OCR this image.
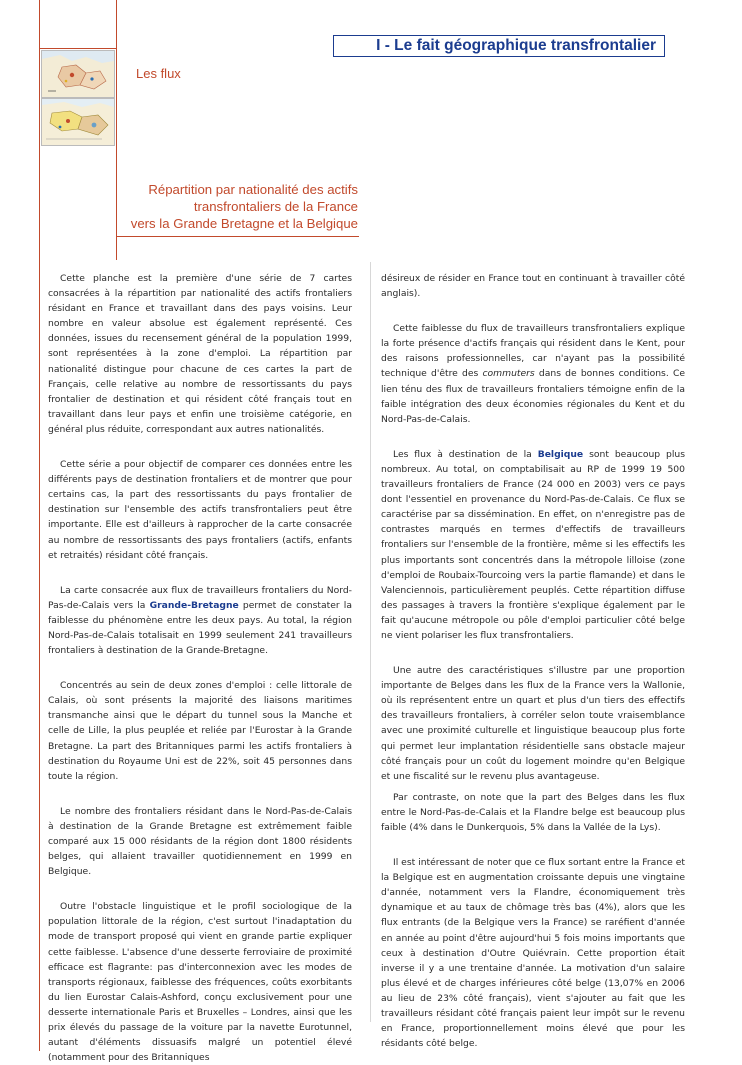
I - Le fait géographique transfrontalier
Les flux
Répartition par nationalité des actifs
transfrontaliers de la France
vers la Grande Bretagne et la Belgique

Cette planche est la première d'une série de 7 cartes consacrées à la répartition par nationalité des actifs frontaliers résidant en France et travaillant dans des pays voisins. Leur nombre en valeur absolue est également représenté. Ces données, issues du recensement général de la population 1999, sont représentées à la zone d'emploi. La répartition par nationalité distingue pour chacune de ces cartes la part de Français, celle relative au nombre de ressortissants du pays frontalier de destination et qui résident côté français tout en travaillant dans leur pays et enfin une troisième catégorie, en général plus réduite, correspondant aux autres nationalités.

Cette série a pour objectif de comparer ces données entre les différents pays de destination frontaliers et de montrer que pour certains cas, la part des ressortissants du pays frontalier de destination sur l'ensemble des actifs transfrontaliers peut être importante. Elle est d'ailleurs à rapprocher de la carte consacrée au nombre de ressortissants des pays frontaliers (actifs, enfants et retraités) résidant côté français.

La carte consacrée aux flux de travailleurs frontaliers du Nord-Pas-de-Calais vers la Grande-Bretagne permet de constater la faiblesse du phénomène entre les deux pays. Au total, la région Nord-Pas-de-Calais totalisait en 1999 seulement 241 travailleurs frontaliers à destination de la Grande-Bretagne.

Concentrés au sein de deux zones d'emploi : celle littorale de Calais, où sont présents la majorité des liaisons maritimes transmanche ainsi que le départ du tunnel sous la Manche et celle de Lille, la plus peuplée et reliée par l'Eurostar à la Grande Bretagne. La part des Britanniques parmi les actifs frontaliers à destination du Royaume Uni est de 22%, soit 45 personnes dans toute la région.

Le nombre des frontaliers résidant dans le Nord-Pas-de-Calais à destination de la Grande Bretagne est extrêmement faible comparé aux 15 000 résidants de la région dont 1800 résidents belges, qui allaient travailler quotidiennement en 1999 en Belgique.

Outre l'obstacle linguistique et le profil sociologique de la population littorale de la région, c'est surtout l'inadaptation du mode de transport proposé qui vient en grande partie expliquer cette faiblesse. L'absence d'une desserte ferroviaire de proximité efficace est flagrante: pas d'interconnexion avec les modes de transports régionaux, faiblesse des fréquences, coûts exorbitants du lien Eurostar Calais-Ashford, conçu exclusivement pour une desserte internationale Paris et Bruxelles – Londres, ainsi que les prix élevés du passage de la voiture par la navette Eurotunnel, autant d'éléments dissuasifs malgré un potentiel élevé (notamment pour des Britanniques

désireux de résider en France tout en continuant à travailler côté anglais).

Cette faiblesse du flux de travailleurs transfrontaliers explique la forte présence d'actifs français qui résident dans le Kent, pour des raisons professionnelles, car n'ayant pas la possibilité technique d'être des commuters dans de bonnes conditions. Ce lien ténu des flux de travailleurs frontaliers témoigne enfin de la faible intégration des deux économies régionales du Kent et du Nord-Pas-de-Calais.

Les flux à destination de la Belgique sont beaucoup plus nombreux. Au total, on comptabilisait au RP de 1999 19 500 travailleurs frontaliers de France (24 000 en 2003) vers ce pays dont l'essentiel en provenance du Nord-Pas-de-Calais. Ce flux se caractérise par sa dissémination. En effet, on n'enregistre pas de contrastes marqués en termes d'effectifs de travailleurs frontaliers sur l'ensemble de la frontière, même si les effectifs les plus importants sont concentrés dans la métropole lilloise (zone d'emploi de Roubaix-Tourcoing vers la partie flamande) et dans le Valenciennois, particulièrement peuplés. Cette répartition diffuse des passages à travers la frontière s'explique également par le fait qu'aucune métropole ou pôle d'emploi particulier côté belge ne vient polariser les flux transfrontaliers.

Une autre des caractéristiques s'illustre par une proportion importante de Belges dans les flux de la France vers la Wallonie, où ils représentent entre un quart et plus d'un tiers des effectifs des travailleurs frontaliers, à corréler selon toute vraisemblance avec une proximité culturelle et linguistique beaucoup plus forte qui permet leur implantation résidentielle sans obstacle majeur côté français pour un coût du logement moindre qu'en Belgique et une fiscalité sur le revenu plus avantageuse.

Par contraste, on note que la part des Belges dans les flux entre le Nord-Pas-de-Calais et la Flandre belge est beaucoup plus faible (4% dans le Dunkerquois, 5% dans la Vallée de la Lys).

Il est intéressant de noter que ce flux sortant entre la France et la Belgique est en augmentation croissante depuis une vingtaine d'année, notamment vers la Flandre, économiquement très dynamique et au taux de chômage très bas (4%), alors que les flux entrants (de la Belgique vers la France) se raréfient d'année en année au point d'être aujourd'hui 5 fois moins importants que ceux à destination d'Outre Quiévrain. Cette proportion était inverse il y a une trentaine d'année. La motivation d'un salaire plus élevé et de charges inférieures côté belge (13,07% en 2006 au lieu de 23% côté français), vient s'ajouter au fait que les travailleurs résidant côté français paient leur impôt sur le revenu en France, proportionnellement moins élevé que pour les résidants côté belge.
